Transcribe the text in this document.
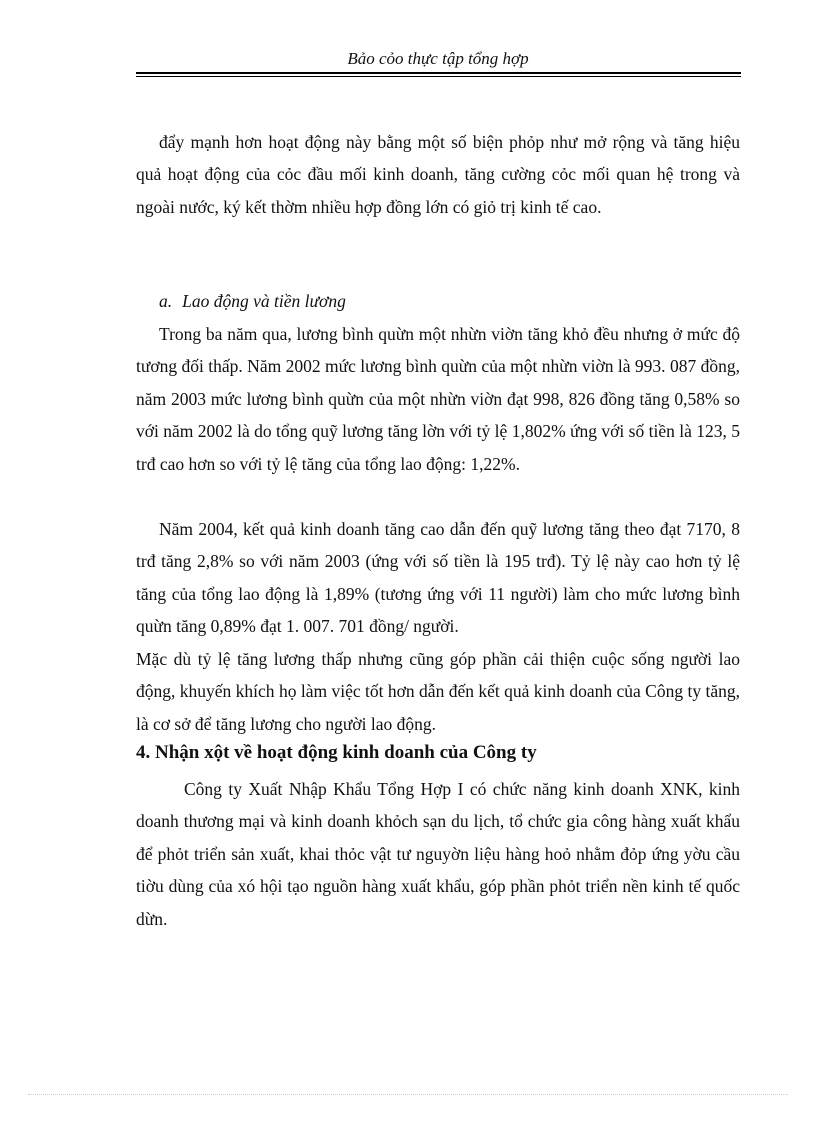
Bảo cỏo thực tập tổng hợp

đẩy mạnh hơn hoạt động này bằng một số biện phỏp như mở rộng và tăng hiệu quả hoạt động của cỏc đầu mối kinh doanh, tăng cường cỏc mối quan hệ trong và ngoài nước, ký kết thờm nhiều hợp đồng lớn có giỏ trị kinh tế cao.

a. Lao động và tiền lương

Trong ba năm qua, lương bình quừn một nhừn viờn tăng khỏ đều nhưng ở mức độ tương đối thấp. Năm 2002 mức lương bình quừn của một nhừn viờn là 993. 087 đồng, năm 2003 mức lương bình quừn của một nhừn viờn đạt 998, 826 đồng tăng 0,58% so với năm 2002 là do tổng quỹ lương tăng lờn với tỷ lệ 1,802% ứng với số tiền là 123, 5 trđ cao hơn so với tỷ lệ tăng của tổng lao động: 1,22%.

Năm 2004, kết quả kinh doanh tăng cao dẫn đến quỹ lương tăng theo đạt 7170, 8 trđ tăng 2,8% so với năm 2003 (ứng với số tiền là 195 trđ). Tỷ lệ này cao hơn tỷ lệ tăng của tổng lao động là 1,89% (tương ứng với 11 người) làm cho mức lương bình quừn tăng 0,89% đạt 1. 007. 701 đồng/ người.

Mặc dù tỷ lệ tăng lương thấp nhưng cũng góp phần cải thiện cuộc sống người lao động, khuyến khích họ làm việc tốt hơn dẫn đến kết quả kinh doanh của Công ty tăng, là cơ sở để tăng lương cho người lao động.

4. Nhận xột về hoạt động kinh doanh của Công ty

Công ty Xuất Nhập Khẩu Tổng Hợp I có chức năng kinh doanh XNK, kinh doanh thương mại và kinh doanh khỏch sạn du lịch, tổ chức gia công hàng xuất khẩu để phỏt triển sản xuất, khai thỏc vật tư nguyờn liệu hàng hoỏ nhằm đỏp ứng yờu cầu tiờu dùng của xó hội tạo nguồn hàng xuất khẩu, góp phần phỏt triển nền kinh tế quốc dừn.
